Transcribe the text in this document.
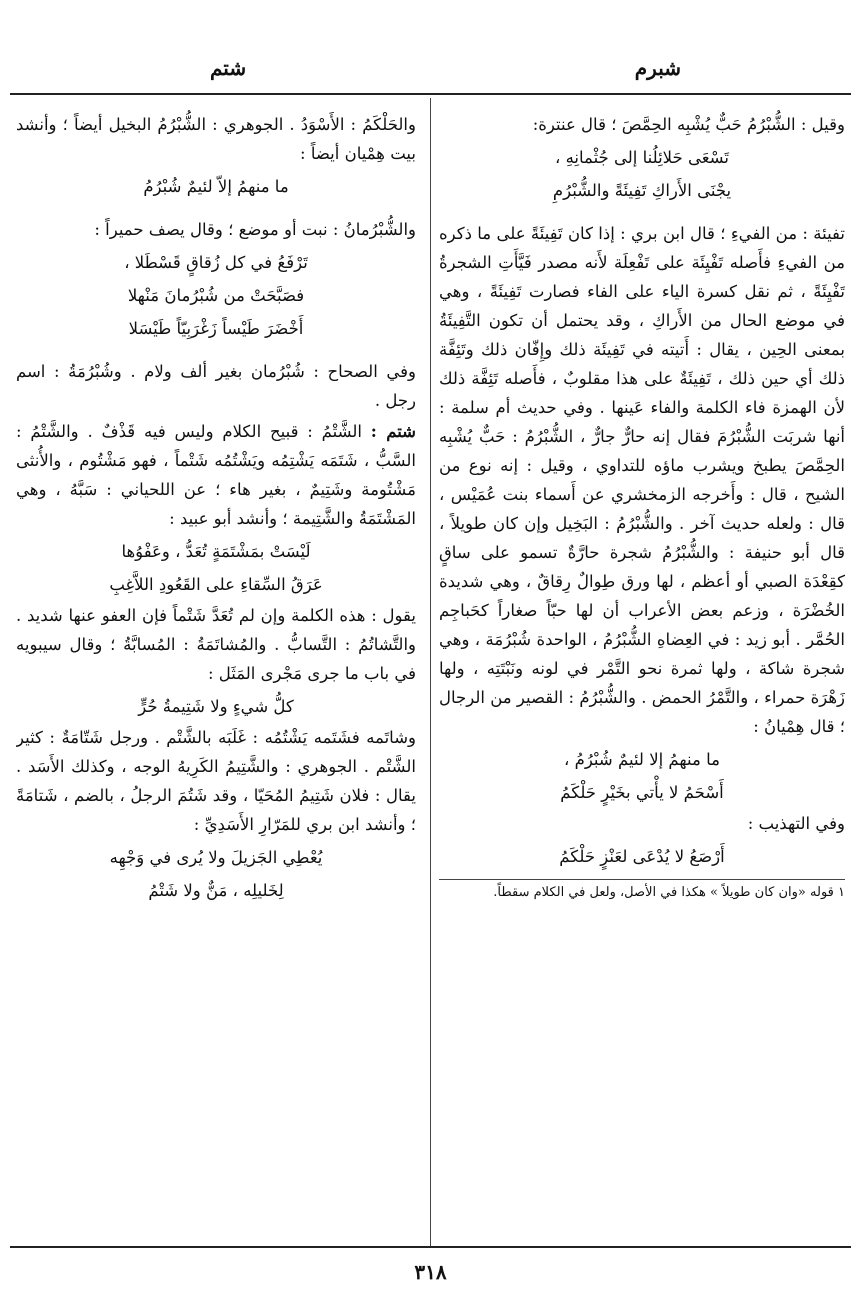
شبرم
شتم

وقيل : الشُّبْرُمُ حَبٌّ يُشْبِه الحِمَّصَ ؛ قال عنترة:

تَسْعَى حَلائِلُنا إلى جُثْمانِهِ ،

يجْنَى الأَراكِ تَفِيئَةً والشُّبْرُمِ

تفيئة : من الفيءِ ؛ قال ابن بري : إذا كان تَفِيئَةً على ما ذكره من الفيءِ فأَصله تَفْيِئَة على تَفْعِلَة لأَنه مصدر فَيَّأَتِ الشجرةُ تَفْيِئَةً ، ثم نقل كسرة الياء على الفاء فصارت تَفِيئَةً ، وهي في موضع الحال من الأَراكِ ، وقد يحتمل أن تكون التَّفِيئَةُ بمعنى الحِين ، يقال : أَتيته في تَفِيئَة ذلك وإِفّان ذلك وتَئِفَّة ذلك أي حين ذلك ، تَفِيئَةٌ على هذا مقلوبٌ ، فأَصله تَئِفَّة ذلك لأن الهمزة فاء الكلمة والفاء عَينها . وفي حديث أم سلمة : أنها شربَت الشُّبْرُمَ فقال إنه حارٌّ جارٌّ ، الشُّبْرُمُ : حَبٌّ يُشْبِه الحِمَّصَ يطبخ ويشرب ماؤه للتداوي ، وقيل : إنه نوع من الشيح ، قال : وأَخرجه الزمخشري عن أَسماء بنت عُمَيْس ، قال : ولعله حديث آخر . والشُّبْرُمُ : البَخِيل وإن كان طويلاً ، قال أبو حنيفة : والشُّبْرُمُ شجرة حارَّةٌ تسمو على ساقٍ كقِعْدَة الصبي أو أعظم ، لها ورق طِوالٌ رِقاقٌ ، وهي شديدة الخُضْرَة ، وزعم بعض الأعراب أن لها حبّاً صغاراً كحَباجِم الحُمَّر . أبو زيد : في العِضاهِ الشُّبْرُمُ ، الواحدة شُبْرُمَة ، وهي شجرة شاكة ، ولها ثمرة نحو التَّمْر في لونه ونَبْتَتِه ، ولها زَهْرَة حمراء ، والتَّمْرُ الحمض . والشُّبْرُمُ : القصير من الرجال ؛ قال هِمْيانُ :

ما منهمُ إلا لئيمٌ شُبْرُمُ ،

أَسْحَمُ لا يأْتي بخَيْرٍ حَلْكَمُ

وفي التهذيب :

أَرْصَعُ لا يُدْعَى لعَنْزٍ حَلْكَمُ

١ قوله «وان كان طويلاً » هكذا في الأصل، ولعل في الكلام سقطاً.

والحَلْكَمُ : الأَسْوَدُ . الجوهري : الشُّبْرُمُ البخيل أيضاً ؛ وأنشد بيت هِمْيان أيضاً :

ما منهمُ إلاّ لئيمٌ شُبْرُمُ

والشُّبْرُمانُ : نبت أو موضع ؛ وقال يصف حميراً :

تَرْفَعُ في كل زُقاقٍ قَسْطَلا ،

فصَبَّحَتْ من شُبْرُمانَ مَنْهلا

أَخْضَرَ طَيْساً زَغْرَبِيّاً طَيْسَلا

وفي الصحاح : شُبْرُمان بغير ألف ولام . وشُبْرُمَةُ : اسم رجل .

شتم : الشَّتْمُ : قبيح الكلام وليس فيه قَذْفٌ . والشَّتْمُ : السَّبُّ ، شَتَمَه يَشْتِمُه ويَشْتُمُه شَتْماً ، فهو مَشْتُوم ، والأُنثى مَشْتُومة وشَتِيمٌ ، بغير هاء ؛ عن اللحياني : سَبَّهُ ، وهي المَشْتَمَةُ والشَّتِيمة ؛ وأنشد أبو عبيد :

لَيْسَتْ بمَشْتَمَةٍ تُعَدُّ ، وعَفْوُها

عَرَقُ السِّقاءِ على القَعُودِ اللاَّغِبِ

يقول : هذه الكلمة وإن لم تُعَدَّ شَتْماً فإن العفو عنها شديد . والتَّشاتُمُ : التَّسابُّ . والمُشاتَمَةُ : المُسابَّةُ ؛ وقال سيبويه في باب ما جرى مَجْرى المَثَل :

كلُّ شيءٍ ولا شَتِيمةُ حُرٍّ

وشاتَمه فشَتَمه يَشْتُمُه : غَلَبَه بالشَّتْم . ورجل شَتّامَةٌ : كثير الشَّتْم . الجوهري : والشَّتِيمُ الكَرِيهُ الوجه ، وكذلك الأَسَد . يقال : فلان شَتِيمُ المُحَيّا ، وقد شَتُمَ الرجلُ ، بالضم ، شَتامَةً ؛ وأنشد ابن بري للمَرّارِ الأَسَدِيِّ :

يُعْطِي الجَزيلَ ولا يُرى في وَجْهِه

لِخَليلِه ، مَنٌّ ولا شَتْمُ

٣١٨
